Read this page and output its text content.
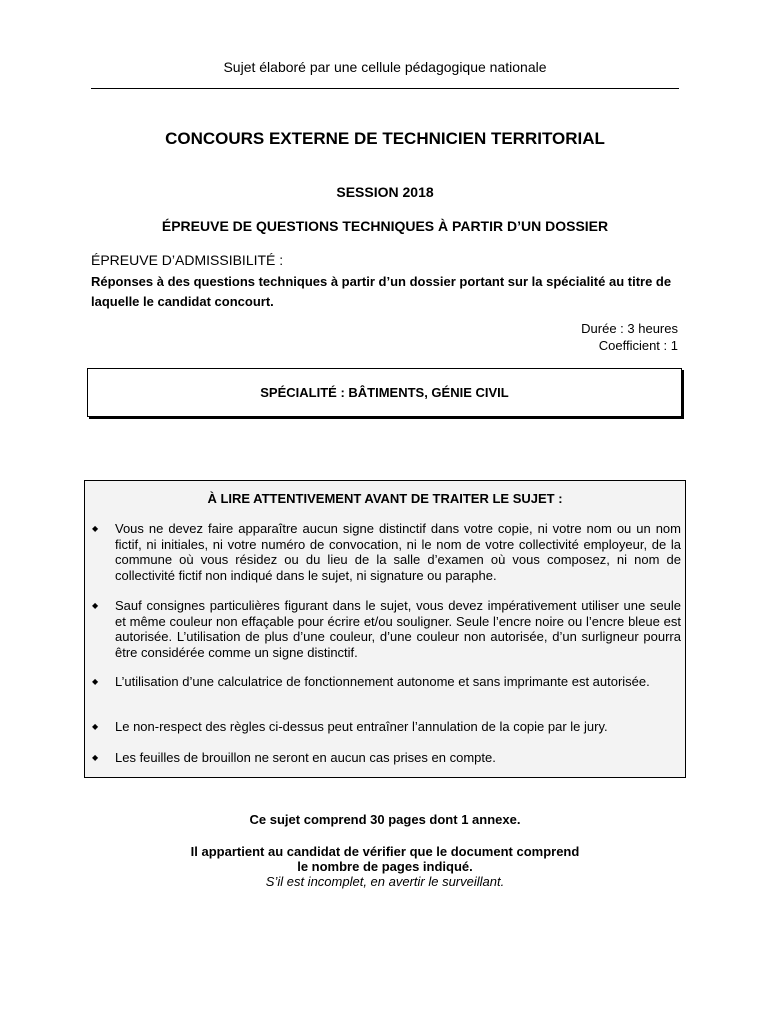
Sujet élaboré par une cellule pédagogique nationale
CONCOURS EXTERNE DE TECHNICIEN TERRITORIAL
SESSION 2018
ÉPREUVE DE QUESTIONS TECHNIQUES À PARTIR D’UN DOSSIER
ÉPREUVE D’ADMISSIBILITÉ :
Réponses à des questions techniques à partir d’un dossier portant sur la spécialité au titre de laquelle le candidat concourt.
Durée : 3 heures
Coefficient : 1
SPÉCIALITÉ : BÂTIMENTS, GÉNIE CIVIL
À LIRE ATTENTIVEMENT AVANT DE TRAITER LE SUJET :
◆ Vous ne devez faire apparaître aucun signe distinctif dans votre copie, ni votre nom ou un nom fictif, ni initiales, ni votre numéro de convocation, ni le nom de votre collectivité employeur, de la commune où vous résidez ou du lieu de la salle d’examen où vous composez, ni nom de collectivité fictif non indiqué dans le sujet, ni signature ou paraphe.
◆ Sauf consignes particulières figurant dans le sujet, vous devez impérativement utiliser une seule et même couleur non effaçable pour écrire et/ou souligner. Seule l’encre noire ou l’encre bleue est autorisée. L’utilisation de plus d’une couleur, d’une couleur non autorisée, d’un surligneur pourra être considérée comme un signe distinctif.
◆ L’utilisation d’une calculatrice de fonctionnement autonome et sans imprimante est autorisée.
◆ Le non-respect des règles ci-dessus peut entraîner l’annulation de la copie par le jury.
◆ Les feuilles de brouillon ne seront en aucun cas prises en compte.
Ce sujet comprend 30 pages dont 1 annexe.
Il appartient au candidat de vérifier que le document comprend
le nombre de pages indiqué.
S’il est incomplet, en avertir le surveillant.
